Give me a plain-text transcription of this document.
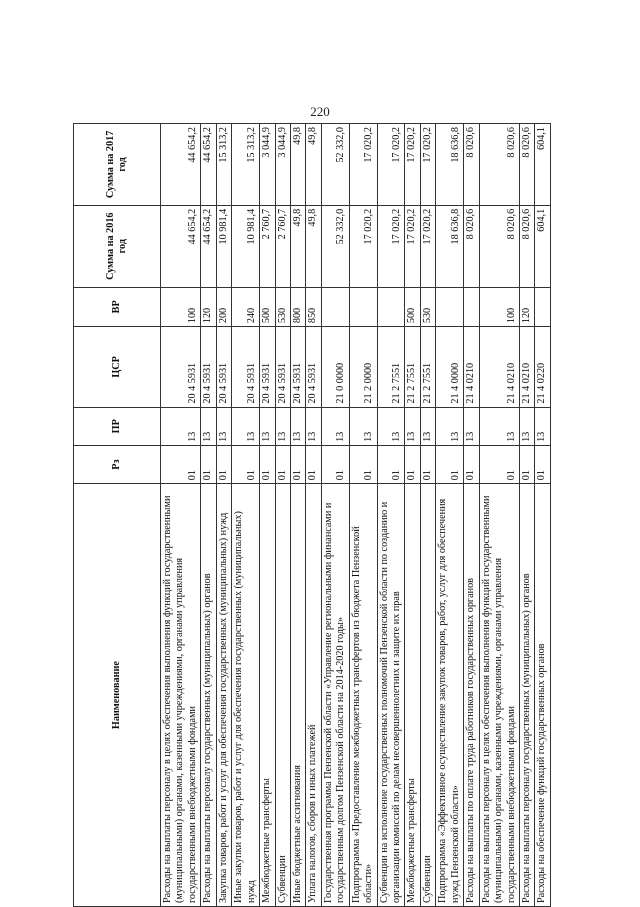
220
Наименование	Рз	ПР	ЦСР	ВР	Сумма на 2016 год	Сумма на 2017 год
Расходы на выплаты персоналу в целях обеспечения выполнения функций государственными (муниципальными) органами, казенными учреждениями, органами управления государственными внебюджетными фондами	01	13	20 4 5931	100	44 654,2	44 654,2
Расходы на выплаты персоналу государственных (муниципальных) органов	01	13	20 4 5931	120	44 654,2	44 654,2
Закупка товаров, работ и услуг для обеспечения государственных (муниципальных) нужд	01	13	20 4 5931	200	10 981,4	15 313,2
Иные закупки товаров, работ и услуг для обеспечения государственных (муниципальных) нужд	01	13	20 4 5931	240	10 981,4	15 313,2
Межбюджетные трансферты	01	13	20 4 5931	500	2 760,7	3 044,9
Субвенции	01	13	20 4 5931	530	2 760,7	3 044,9
Иные бюджетные ассигнования	01	13	20 4 5931	800	49,8	49,8
Уплата налогов, сборов и иных платежей	01	13	20 4 5931	850	49,8	49,8
Государственная программа Пензенской области «Управление региональными финансами и государственным долгом Пензенской области на 2014-2020 годы»	01	13	21 0 0000		52 332,0	52 332,0
Подпрограмма «Предоставление межбюджетных трансфертов из бюджета Пензенской области»	01	13	21 2 0000		17 020,2	17 020,2
Субвенции на исполнение государственных полномочий Пензенской области по созданию и организации комиссий по делам несовершеннолетних и защите их прав	01	13	21 2 7551		17 020,2	17 020,2
Межбюджетные трансферты	01	13	21 2 7551	500	17 020,2	17 020,2
Субвенции	01	13	21 2 7551	530	17 020,2	17 020,2
Подпрограмма «Эффективное осуществление закупок товаров, работ, услуг для обеспечения нужд Пензенской области»	01	13	21 4 0000		18 636,8	18 636,8
Расходы на выплаты по оплате труда работников государственных органов	01	13	21 4 0210		8 020,6	8 020,6
Расходы на выплаты персоналу в целях обеспечения выполнения функций государственными (муниципальными) органами, казенными учреждениями, органами управления государственными внебюджетными фондами	01	13	21 4 0210	100	8 020,6	8 020,6
Расходы на выплаты персоналу государственных (муниципальных) органов	01	13	21 4 0210	120	8 020,6	8 020,6
Расходы на обеспечение функций государственных органов	01	13	21 4 0220		604,1	604,1
